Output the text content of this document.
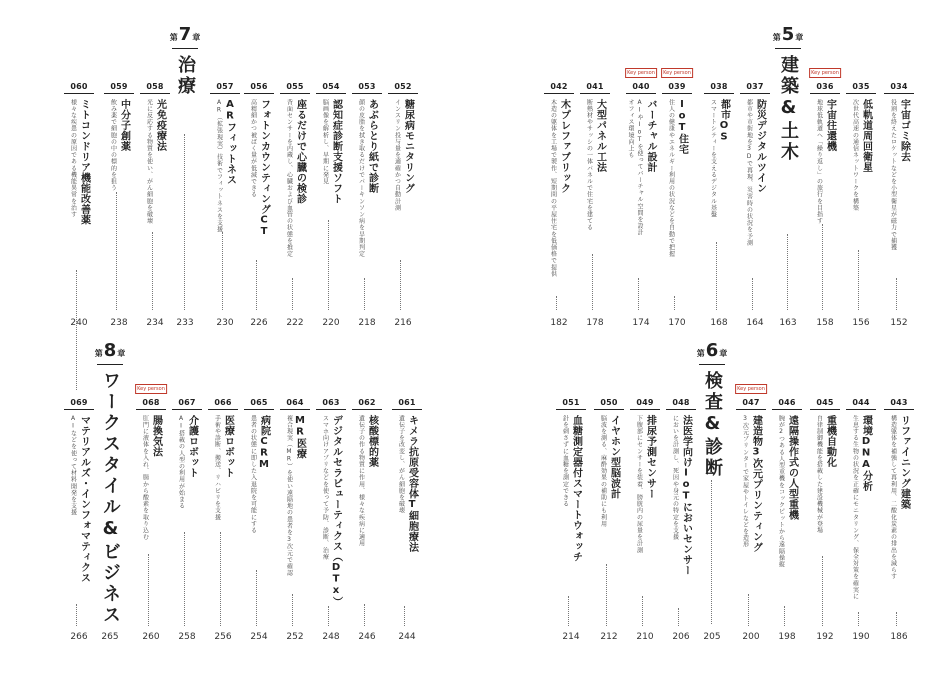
060
ミトコンドリア機能改善薬
様々な疾患の原因である機能異常を治す
240
059
中分子創薬
飲み薬で細胞の中の標的を狙う
238
058
光免疫療法
光に反応する物質を使い、がん細胞を破壊
234
第 7 章
治療
233
057
ARフィットネス
AR（拡張現実）技術でフィットネスを支援
230
056
フォトンカウンティングCT
高精細かつ被ばく量が低減できる
226
055
座るだけで心臓の検診
背面センサーを内蔵し、心臓および血管の状態を推定
222
054
認知症診断支援ソフト
脳画像を解析し、早期に発見
220
053
あぶらとり紙で診断
顔の皮脂を拭き取るだけでパーキンソン病を早期判定
218
052
糖尿病モニタリング
インスリン投与量を適確かつ自動計測
216
042
木プレファブリック
木造の躯体を工場で製作、短期間の平屋住宅を低価格で提供
182
041
大型パネル工法
断熱材やサッシの一体パネルで住宅を建てる
178
040
Key person
バーチャル設計
AIやIoTを使ってバーチャル空間を設計
オフィス環境向上も
174
039
Key person
IoT住宅
住人の健康やエネルギー利用の状況などを自動で把握
170
038
都市OS
スマートシティーを支えるデジタル基盤
168
037
防災デジタルツイン
都市や市街地を3Dで再現、災害時の状況を予測
164
第 5 章
建築&土木
163
036
Key person
宇宙往還機
地球低軌道へ「繰り返し」の旅行を目指す
158
035
低軌道周回衛星
次世代高速の通信ネットワークを構築
156
034
宇宙ゴミ除去
役割を終えたロケットなどを小型衛星が磁力で捕獲
152
069
マテリアルズ・インフォマティクス
AIなどを使って材料開発を支援
266
第 8 章
ワークスタイル&ビジネス
265
068
Key person
腸換気法
肛門に液体を入れ、腸から酸素を取り込む
260
067
介護ロボット
AI搭載の人型の利用が始まる
258
066
医療ロボット
手術や診断、搬送、リハビリを支援
256
065
病院CRM
患者の状態に即した入退院を可能にする
254
064
MR医療
複合現実（MR）を使い遠隔地の患者を3次元で確認
252
063
デジタルセラピューティクス（DTx）
スマホ向けアプリなどを使って予防、診断、治療
248
062
核酸標的薬
遺伝子の作る物質に作用、様々な疾病に適用
246
061
キメラ抗原受容体T細胞療法
遺伝子を改変し、がん細胞を破壊
244
051
血糖測定器付スマートウォッチ
針を刺さずに血糖を測定できる
214
050
イヤホン型脳波計
脳波を測る、麻酔効果の補助にも利用
212
049
排尿予測センサー
下腹部にセンサーを装着、膀胱内の尿量を計測
210
048
法医学向けIoTにおいセンサー
においを計測し、死因や身元の特定を支援
206
第 6 章
検査&診断
205
047
Key person
建造物3次元プリンティング
3次元プリンターで家屋やトイレなどを造形
200
046
遠隔操作式の人型重機
腕が2つある人型重機をコックピットから遠隔操縦
198
045
重機自動化
自律制御機能を搭載した建設機械が登場
192
044
環境DNA分析
生息する生物の状況を正確にモニタリング、保全対策を確実に
190
043
リファイニング建築
構造躯体を補強して再利用、二酸化炭素の排出を減らす
186
